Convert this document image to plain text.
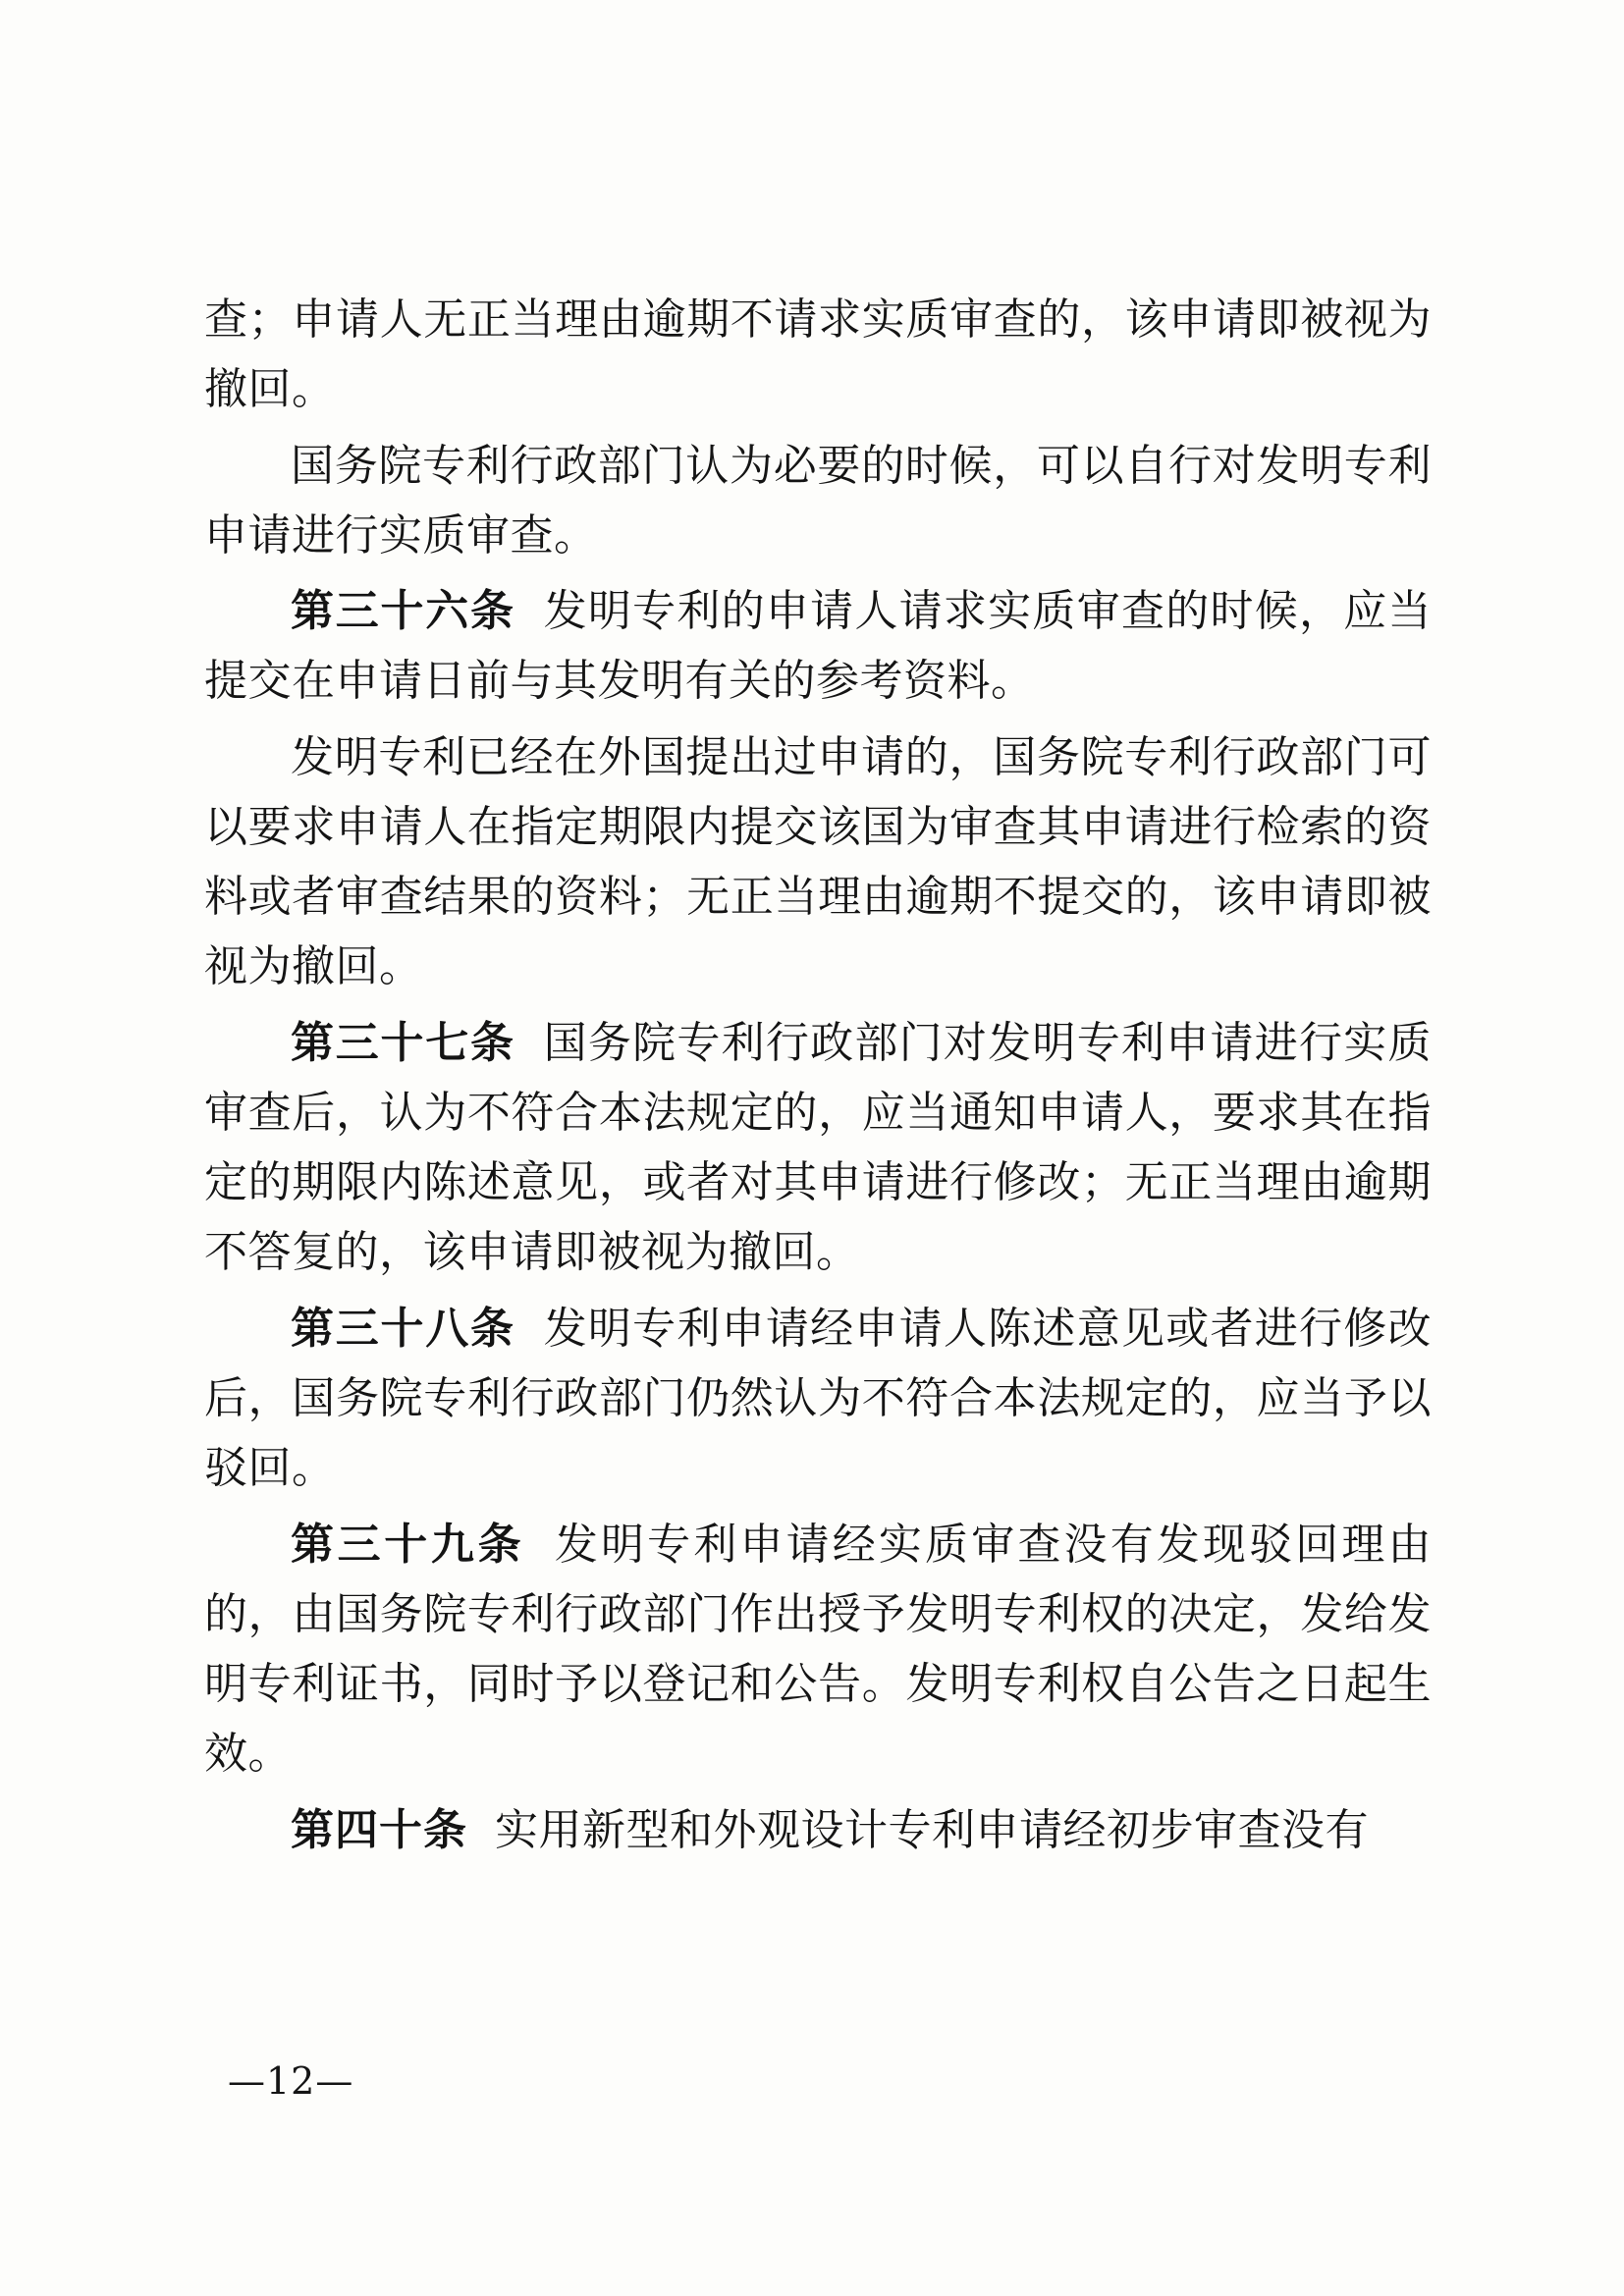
查；申请人无正当理由逾期不请求实质审查的，该申请即被视为撤回。

国务院专利行政部门认为必要的时候，可以自行对发明专利申请进行实质审查。

第三十六条 发明专利的申请人请求实质审查的时候，应当提交在申请日前与其发明有关的参考资料。

发明专利已经在外国提出过申请的，国务院专利行政部门可以要求申请人在指定期限内提交该国为审查其申请进行检索的资料或者审查结果的资料；无正当理由逾期不提交的，该申请即被视为撤回。

第三十七条 国务院专利行政部门对发明专利申请进行实质审查后，认为不符合本法规定的，应当通知申请人，要求其在指定的期限内陈述意见，或者对其申请进行修改；无正当理由逾期不答复的，该申请即被视为撤回。

第三十八条 发明专利申请经申请人陈述意见或者进行修改后，国务院专利行政部门仍然认为不符合本法规定的，应当予以驳回。

第三十九条 发明专利申请经实质审查没有发现驳回理由的，由国务院专利行政部门作出授予发明专利权的决定，发给发明专利证书，同时予以登记和公告。发明专利权自公告之日起生效。

第四十条 实用新型和外观设计专利申请经初步审查没有

—12—
